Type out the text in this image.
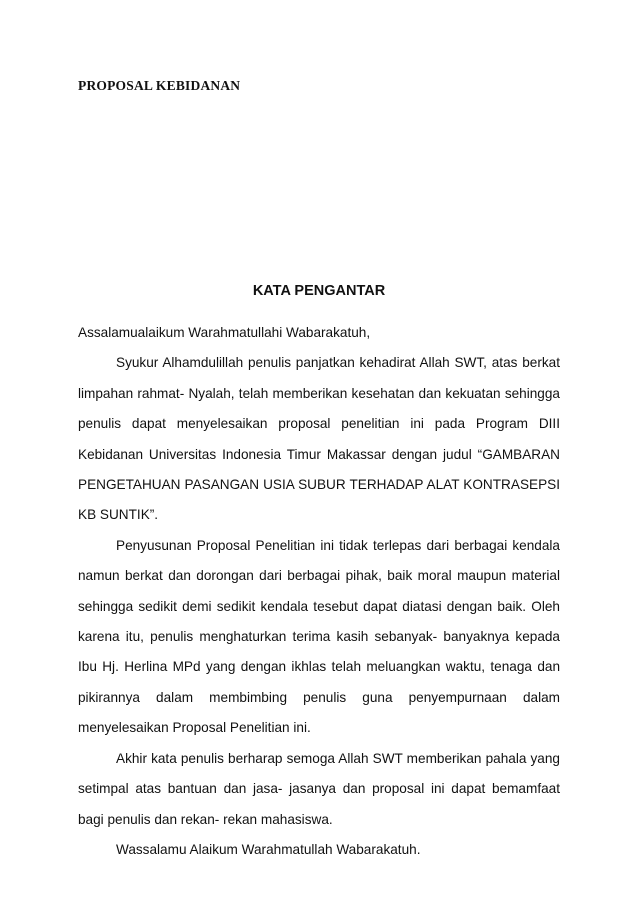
PROPOSAL KEBIDANAN
KATA PENGANTAR

Assalamualaikum Warahmatullahi Wabarakatuh,

Syukur Alhamdulillah penulis panjatkan kehadirat Allah SWT, atas berkat limpahan rahmat- Nyalah, telah memberikan kesehatan dan kekuatan sehingga penulis dapat menyelesaikan proposal penelitian ini pada Program DIII Kebidanan Universitas Indonesia Timur Makassar dengan judul “GAMBARAN PENGETAHUAN PASANGAN USIA SUBUR TERHADAP ALAT KONTRASEPSI KB SUNTIK”.

Penyusunan Proposal Penelitian ini tidak terlepas dari berbagai kendala namun berkat dan dorongan dari berbagai pihak, baik moral maupun material sehingga sedikit demi sedikit kendala tesebut dapat diatasi dengan baik. Oleh karena itu, penulis menghaturkan terima kasih sebanyak- banyaknya kepada Ibu Hj. Herlina MPd yang dengan ikhlas telah meluangkan waktu, tenaga dan pikirannya dalam membimbing penulis guna penyempurnaan dalam menyelesaikan Proposal Penelitian ini.

Akhir kata penulis berharap semoga Allah SWT memberikan pahala yang setimpal atas bantuan dan jasa- jasanya dan proposal ini dapat bemamfaat bagi penulis dan rekan- rekan mahasiswa.

Wassalamu Alaikum Warahmatullah Wabarakatuh.
